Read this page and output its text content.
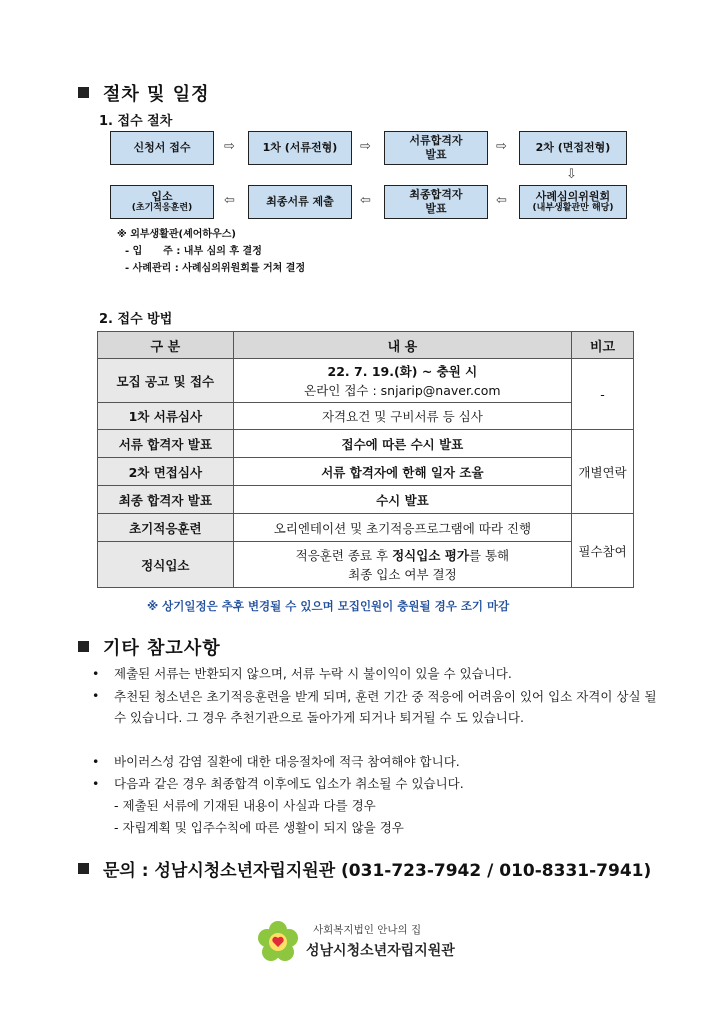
절차 및 일정
1. 접수 절차
신청서 접수	⇨	1차 (서류전형) ⇨	서류합격자
발표
⇨	2차 (면접전형)
⇩
입소
(초기적응훈련)
⇦	최종서류 제출 ⇦	최종합격자
발표
⇦	사례심의위원회
(내부생활관만 해당)
※ 외부생활관(셰어하우스)
- 입      주 : 내부 심의 후 결정
- 사례관리 : 사례심의위원회를 거쳐 결정
2. 접수 방법
구 분	내 용	비고
모집 공고 및 접수	22. 7. 19.(화) ~ 충원 시
온라인 접수 : snjarip@naver.com	-
1차 서류심사	자격요건 및 구비서류 등 심사	
서류 합격자 발표	접수에 따른 수시 발표	개별연락
2차 면접심사	서류 합격자에 한해 일자 조율	
최종 합격자 발표	수시 발표	
초기적응훈련	오리엔테이션 및 초기적응프로그램에 따라 진행	필수참여
정식입소	적응훈련 종료 후 정식입소 평가를 통해
최종 입소 여부 결정	
※ 상기일정은 추후 변경될 수 있으며 모집인원이 충원될 경우 조기 마감
기타 참고사항
• 제출된 서류는 반환되지 않으며, 서류 누락 시 불이익이 있을 수 있습니다.
• 추천된 청소년은 초기적응훈련을 받게 되며, 훈련 기간 중 적응에 어려움이 있어 입소 자격이 상실 될 수 있습니다. 그 경우 추천기관으로 돌아가게 되거나 퇴거될 수 도 있습니다.
• 바이러스성 감염 질환에 대한 대응절차에 적극 참여해야 합니다.
• 다음과 같은 경우 최종합격 이후에도 입소가 취소될 수 있습니다.
- 제출된 서류에 기재된 내용이 사실과 다를 경우
- 자립계획 및 입주수칙에 따른 생활이 되지 않을 경우
문의 : 성남시청소년자립지원관 (031-723-7942 / 010-8331-7941)
사회복지법인 안나의 집
성남시청소년자립지원관
